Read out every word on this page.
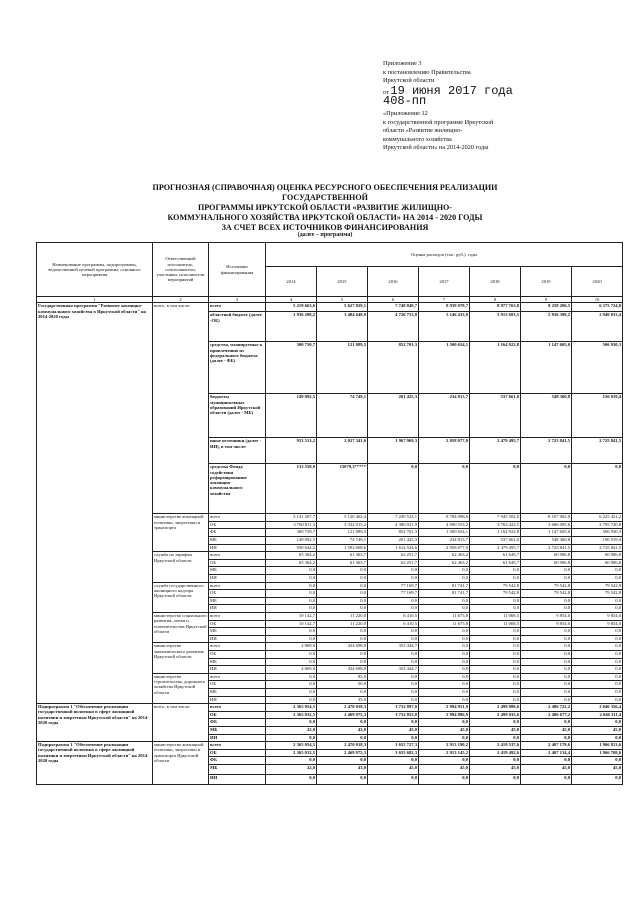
Приложение 3
к постановлению Правительства
Иркутской области
от 19 июня 2017 года
408-пп
«Приложение 12
к государственной программе Иркутской
области «Развитие жилищно-
коммунального хозяйства
Иркутской области» на 2014-2020 годы
ПРОГНОЗНАЯ (СПРАВОЧНАЯ) ОЦЕНКА РЕСУРСНОГО ОБЕСПЕЧЕНИЯ РЕАЛИЗАЦИИ ГОСУДАРСТВЕННОЙ
ПРОГРАММЫ ИРКУТСКОЙ ОБЛАСТИ «РАЗВИТИЕ ЖИЛИЩНО-
КОММУНАЛЬНОГО ХОЗЯЙСТВА ИРКУТСКОЙ ОБЛАСТИ» НА 2014 - 2020 ГОДЫ
ЗА СЧЕТ ВСЕХ ИСТОЧНИКОВ ФИНАНСИРОВАНИЯ
(далее – программа)
Наименование программы, подпрограммы, ведомственной целевой программы, основного мероприятия	Ответственный исполнитель, соисполнители, участники, исполнители мероприятий	Источники финансирования	Оценка расходов (тыс. руб.), годы						
			2014	2015	2016	2017	2018	2019	2020
1	2	3	4	5	6	7	8	9	10
Государственная программа "Развитие жилищно-коммунального хозяйства в Иркутской области" на 2014-2020 годы	всего, в том числе:	всего	5 219 663,6	5 627 829,1	7 748 849,7	8 939 978,7	8 977 763,0	8 258 206,5	6 375 724,8
		областной бюджет (далее -ОБ)	3 836 298,2	3 404 648,9	4 726 753,8	5 146 433,9	3 915 683,5	5 836 399,2	2 940 033,4
		средства, планируемые к привлечению из федерального бюджета (далее - ФБ)	300 750,7	121 089,5	852 701,3	1 500 654,1	1 164 922,8	1 147 605,0	506 930,3
		бюджеты муниципальных образований Иркутской области (далее - МБ)	149 092,5	74 749,1	201 425,3	234 813,7	537 661,0	548 360,8	156 919,4
		иные источники (далее - ИИ), в том числе:	933 513,2	2 027 341,6	1 967 969,3	2 058 077,0	2 479 495,7	2 725 841,5	2 725 841,5
		средства Фонда содействия реформированию жилищно-коммунального хозяйства	133 558,0	15079,3*****	0,0	0,0	0,0	0,0	0,0
	министерство жилищной политики, энергетики и транспорта	всего	5 141 307,7	5 120 462,4	7 249 523,1	8 784 098,0	7 945 502,0	8 107 902,9	6 225 421,2
		ОБ	3 760 811,3	3 332 015,2	4 380 021,9	4 990 553,2	3 763 422,5	3 686 095,6	2 795 720,8
		ФБ	300 739,7	121 089,5	852 701,3	1 500 654,1	1 164 922,8	1 147 605,0	506 930,3
		МБ	149 092,5	74 749,1	201 425,3	234 813,7	537 661,0	548 360,8	196 919,4
		ИИ	930 644,2	1 592 608,6	1 614 524,6	2 058 077,0	2 479 495,7	2 725 841,5	2 725 841,5
	служба по тарифам Иркутской области	всего	65 364,2	61 363,7	62 251,7	62 463,2	61 649,7	60 906,8	60 906,8
		ОБ	65 364,2	61 363,7	62 251,7	62 463,2	61 649,7	60 906,8	60 906,8
		МБ	0,0	0,0	0,0	0,0	0,0	0,0	0,0
		ИИ	0,0	0,0	0,0	0,0	0,0	0,0	0,0
	служба государственного жилищного надзора Иркутской области	всего	0,0	0,0	77 169,7	81 741,7	79 542,8	79 542,8	79 542,8
		ОБ	0,0	0,0	77 169,7	81 741,7	79 542,8	79 542,8	79 542,8
		МБ	0,0	0,0	0,0	0,0	0,0	0,0	0,0
		ИИ	0,0	0,0	0,0	0,0	0,0	0,0	0,0
	министерство социального развития, опеки и попечительства Иркутской области	всего	10 142,7	11 220,0	6 410,5	11 675,8	11 068,5	9 854,0	9 854,0
		ОБ	10 142,7	11 220,0	6 410,5	11 675,8	11 068,5	9 854,0	9 854,0
		МБ	0,0	0,0	0,0	0,0	0,0	0,0	0,0
		ИИ	0,0	0,0	0,0	0,0	0,0	0,0	0,0
	министерство экономического развития Иркутской области	всего	2 869,0	434 698,0	353 444,7	0,0	0,0	0,0	0,0
		ОБ	0,0	0,0	0,0	0,0	0,0	0,0	0,0
		МБ	0,0	0,0	0,0	0,0	0,0	0,0	0,0
		ИИ	2 869,0	434 698,0	353 444,7	0,0	0,0	0,0	0,0
	министерство строительства, дорожного хозяйства Иркутской области	всего	0,0	85,0	0,0	0,0	0,0	0,0	0,0
		ОБ	0,0	50,0	0,0	0,0	0,0	0,0	0,0
		МБ	0,0	0,0	0,0	0,0	0,0	0,0	0,0
		ИИ	0,0	35,0	0,0	0,0	0,0	0,0	0,0
Подпрограмма 1 "Обеспечение реализации государственной политики в сфере жилищной политики и энергетики Иркутской области" на 2014-2020 годы	всего, в том числе:	всего	2 365 054,5	2 470 018,3	3 732 897,0	2 994 931,9	2 499 080,6	2 486 722,2	2 046 356,4
		ОБ	2 365 032,5	2 469 975,3	3 732 852,0	2 994 886,9	2 499 035,6	2 486 677,2	2 046 311,4
		ФБ	0,0	0,0	0,0	0,0	0,0	0,0	0,0
		МБ	22,0	43,0	45,0	45,0	45,0	45,0	45,0
		ИИ	0,0	0,0	0,0	0,0	0,0	0,0	0,0
Подпрограмма 1 "Обеспечение реализации государственной политики в сфере жилищной политики и энергетики Иркутской области" на 2014-2020 годы	министерство жилищной политики, энергетики и транспорта Иркутской области	всего	2 365 054,5	2 470 018,3	3 655 727,3	2 913 190,2	2 419 537,6	2 407 179,6	1 966 813,6
		ОБ	2 365 032,5	2 469 975,3	3 655 682,3	2 913 145,2	2 419 492,6	2 407 134,4	1 966 768,6
		ФБ	0,0	0,0	0,0	0,0	0,0	0,0	0,0
		МБ	22,0	43,0	45,0	45,0	45,0	45,0	45,0
		ИИ	0,0	0,0	0,0	0,0	0,0	0,0	0,0
